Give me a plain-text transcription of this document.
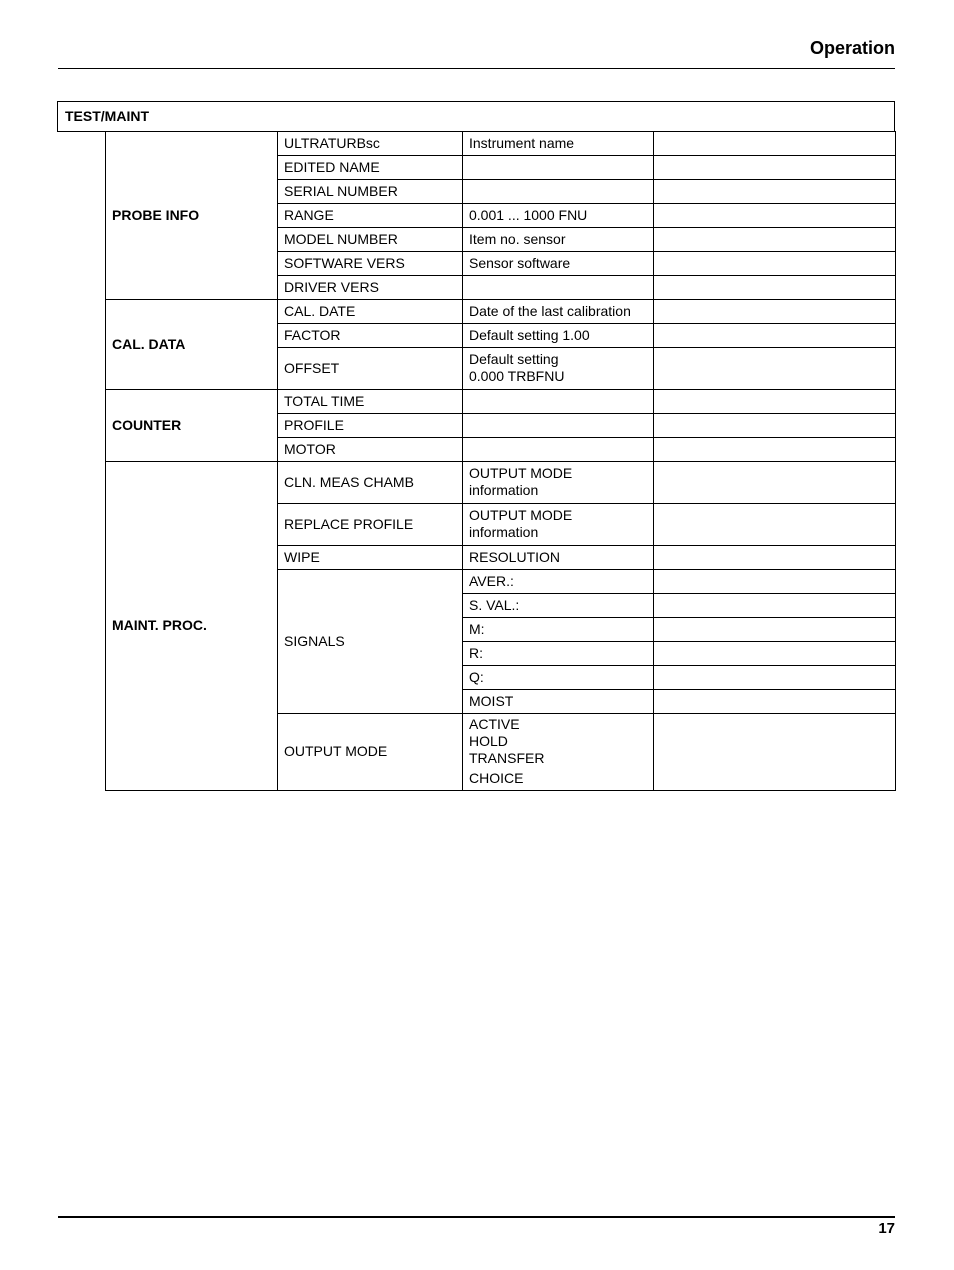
Operation
TEST/MAINT
PROBE INFO	ULTRATURBsc	Instrument name	
	EDITED NAME		
	SERIAL NUMBER		
	RANGE	0.001 ... 1000 FNU	
	MODEL NUMBER	Item no. sensor	
	SOFTWARE VERS	Sensor software	
	DRIVER VERS		
CAL. DATA	CAL. DATE	Date of the last calibration	
	FACTOR	Default setting 1.00	
	OFFSET	Default setting
0.000 TRBFNU	

COUNTER	TOTAL TIME		
	PROFILE		
	MOTOR		
MAINT. PROC.	CLN. MEAS CHAMB	OUTPUT MODE
information	

	REPLACE PROFILE	OUTPUT MODE
information	

	WIPE	RESOLUTION	
	SIGNALS	AVER.:	
		S. VAL.:	
		M:	
		R:	
		Q:	
		MOIST	
	OUTPUT MODE	ACTIVE
HOLD
TRANSFER
CHOICE	

17
